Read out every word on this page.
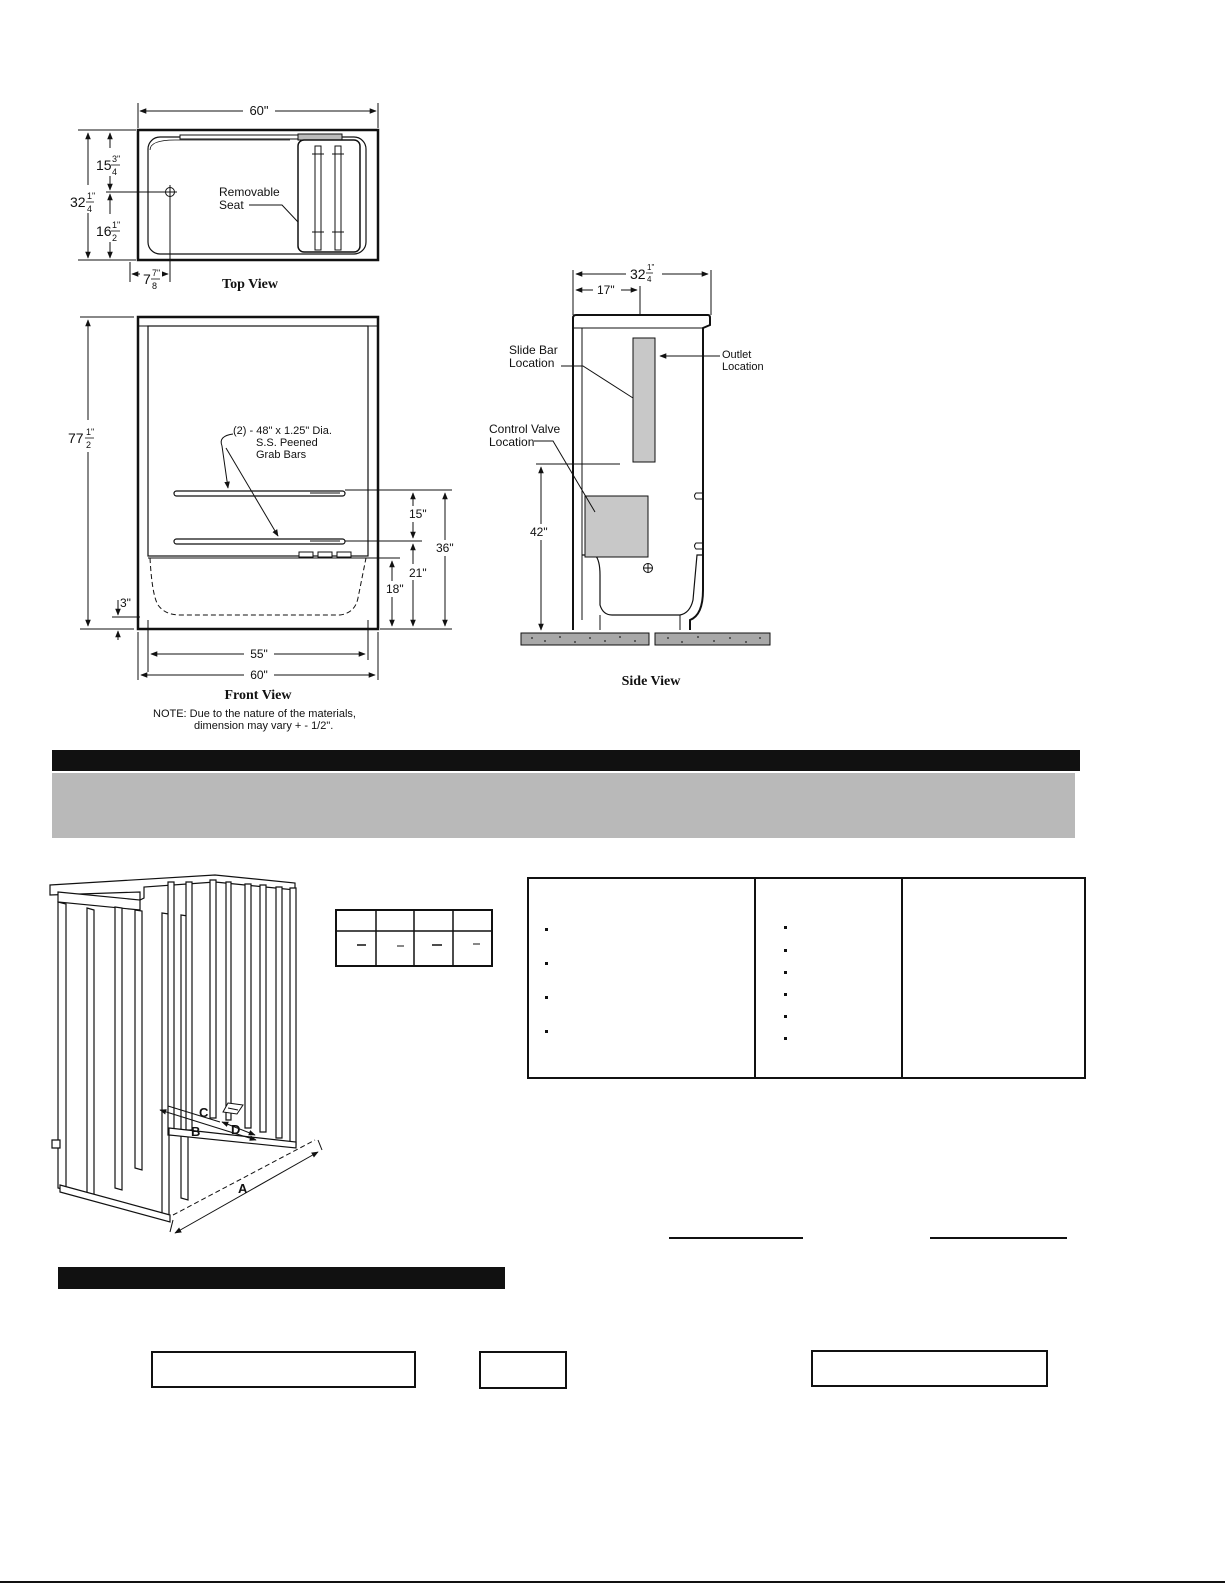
60"
32 1"
4
15 3"
4
16 1"
2
7 7"
8
Removable
Seat
Top View
(2) - 48" x 1.25" Dia.
S.S. Peened
Grab Bars
77 1"
2
3"
15"
21"
18"
36"
55"
60"
Front View
NOTE: Due to the nature of the materials,
dimension may vary + - 1/2".
32 1"
4
17"
Slide Bar
Location
Outlet
Location
Control Valve
Location
42"
Side View
C
B D
A
